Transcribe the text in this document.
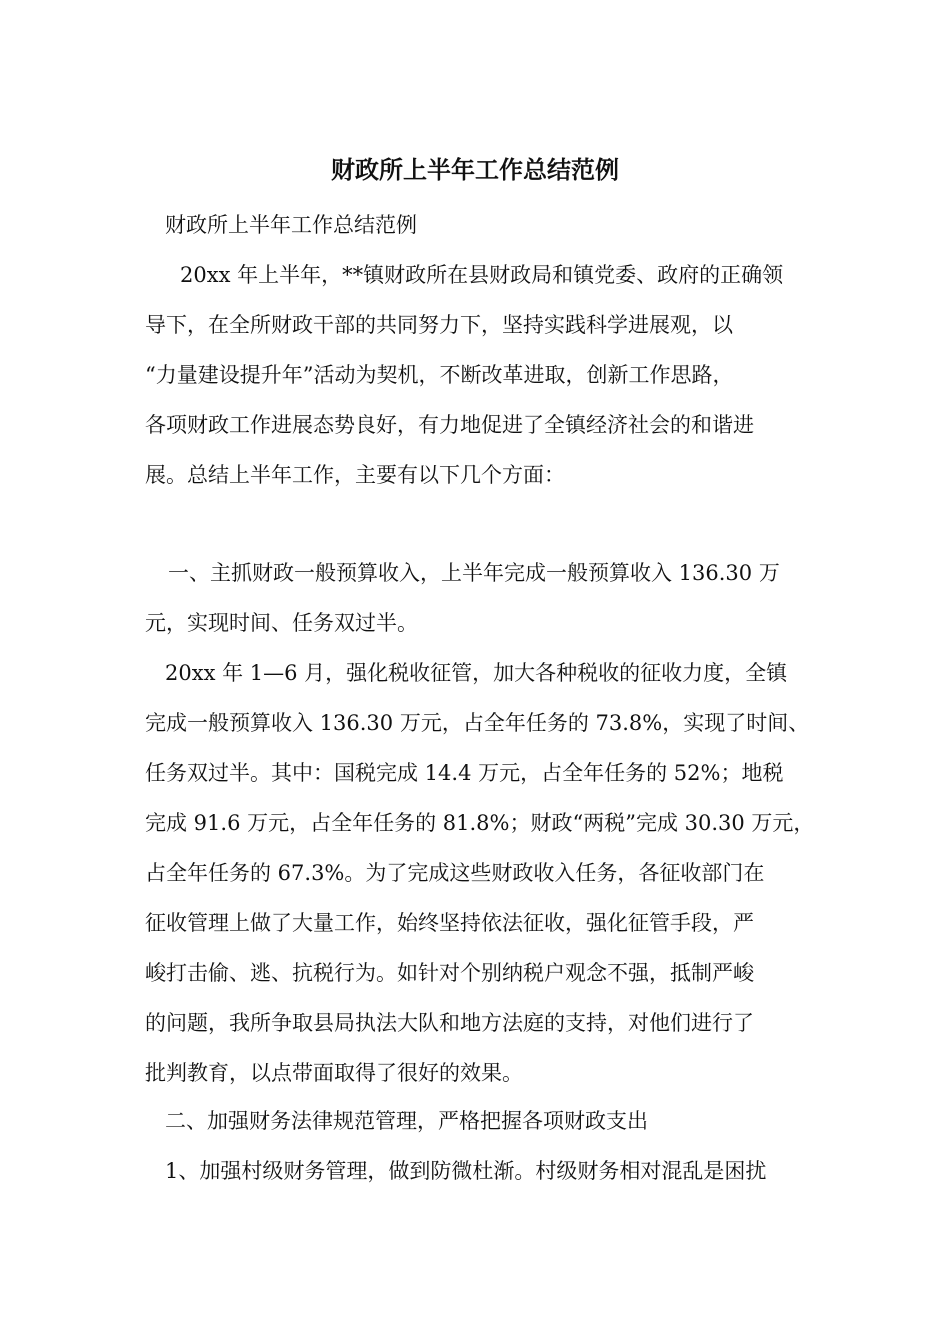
财政所上半年工作总结范例
财政所上半年工作总结范例
20xx 年上半年，**镇财政所在县财政局和镇党委、政府的正确领
导下，在全所财政干部的共同努力下，坚持实践科学进展观，以
“力量建设提升年”活动为契机，不断改革进取，创新工作思路，
各项财政工作进展态势良好，有力地促进了全镇经济社会的和谐进
展。总结上半年工作，主要有以下几个方面：
一、主抓财政一般预算收入，上半年完成一般预算收入 136.30 万
元，实现时间、任务双过半。
20xx 年 1—6 月，强化税收征管，加大各种税收的征收力度，全镇
完成一般预算收入 136.30 万元，占全年任务的 73.8%，实现了时间、
任务双过半。其中：国税完成 14.4 万元，占全年任务的 52%；地税
完成 91.6 万元，占全年任务的 81.8%；财政“两税”完成 30.30 万元，
占全年任务的 67.3%。为了完成这些财政收入任务，各征收部门在
征收管理上做了大量工作，始终坚持依法征收，强化征管手段，严
峻打击偷、逃、抗税行为。如针对个别纳税户观念不强，抵制严峻
的问题，我所争取县局执法大队和地方法庭的支持，对他们进行了
批判教育，以点带面取得了很好的效果。
二、加强财务法律规范管理，严格把握各项财政支出
1、加强村级财务管理，做到防微杜渐。村级财务相对混乱是困扰
